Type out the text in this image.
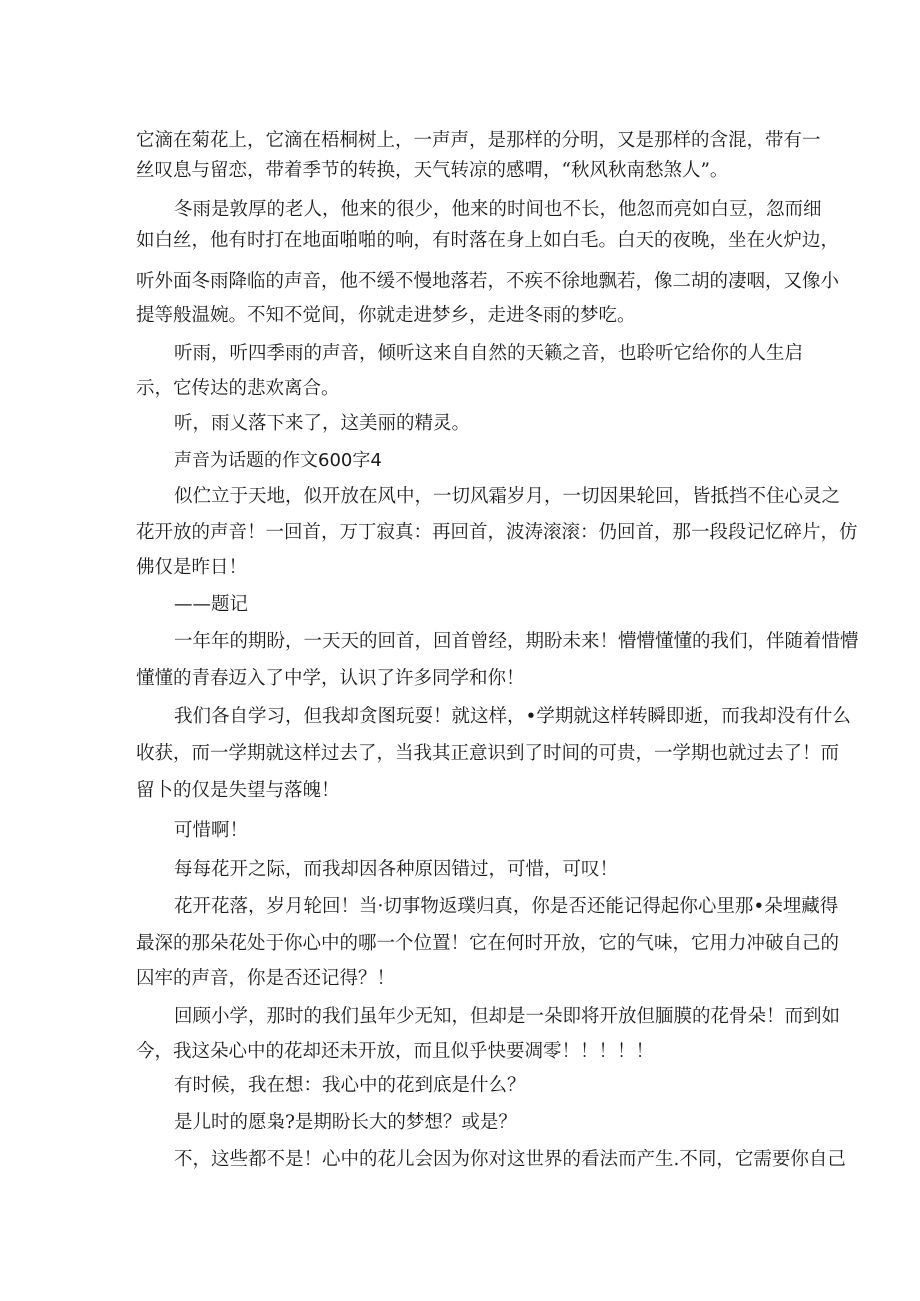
它滴在菊花上，它滴在梧桐树上，一声声，是那样的分明，又是那样的含混，带有一
丝叹息与留恋，带着季节的转换，天气转凉的感喟，“秋风秋南愁煞人”。
冬雨是敦厚的老人，他来的很少，他来的时间也不长，他忽而亮如白豆，忽而细
如白丝，他有时打在地面啪啪的响，有时落在身上如白毛。白天的夜晚，坐在火炉边，
听外面冬雨降临的声音，他不缓不慢地落若，不疾不徐地飘若，像二胡的凄咽，又像小
提等般温婉。不知不觉间，你就走进梦乡，走进冬雨的梦吃。
听雨，听四季雨的声音，倾听这来自自然的天籁之音，也聆听它给你的人生启
示，它传达的悲欢离合。
听，雨乂落下来了，这美丽的精灵。
声音为话题的作文600字4
似伫立于天地，似开放在风中，一切风霜岁月，一切因果轮回，皆抵挡不住心灵之
花开放的声音！一回首，万丁寂真：再回首，波涛滚滚：仍回首，那一段段记忆碎片，仿
佛仅是昨日！
——题记
一年年的期盼，一天天的回首，回首曾经，期盼未来！懵懵懂懂的我们，伴随着惜懵
懂懂的青春迈入了中学，认识了许多同学和你！
我们各自学习，但我却贪图玩耍！就这样，•学期就这样转瞬即逝，而我却没有什么
收获，而一学期就这样过去了，当我其正意识到了时间的可贵，一学期也就过去了！而
留卜的仅是失望与落魄！
可惜啊！
每每花开之际，而我却因各种原因错过，可惜，可叹！
花开花落，岁月轮回！当·切事物返璞归真，你是否还能记得起你心里那•朵埋藏得
最深的那朵花处于你心中的哪一个位置！它在何时开放，它的气味，它用力冲破自己的
囚牢的声音，你是否还记得？！
回顾小学，那时的我们虽年少无知，但却是一朵即将开放但腼膜的花骨朵！而到如
今，我这朵心中的花却还未开放，而且似乎快要凋零！！！！！
有时候，我在想：我心中的花到底是什么？
是儿时的愿枭?是期盼长大的梦想？或是？
不，这些都不是！心中的花儿会因为你对这世界的看法而产生.不同，它需要你自己
